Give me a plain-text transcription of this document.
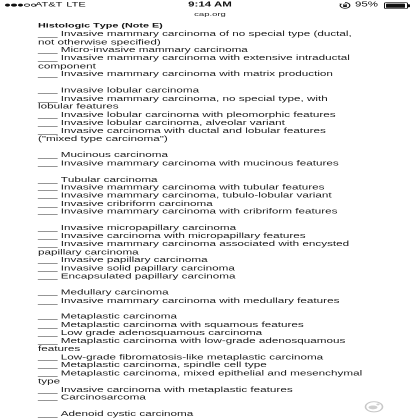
AT&T LTE	9:14 AM
cap.org
95%
Histologic Type (Note E)

___ Invasive mammary carcinoma of no special type (ductal,
not otherwise specified)

___ Micro-invasive mammary carcinoma

___ Invasive mammary carcinoma with extensive intraductal
component

___ Invasive mammary carcinoma with matrix production

___ Invasive lobular carcinoma

___ Invasive mammary carcinoma, no special type, with
lobular features

___ Invasive lobular carcinoma with pleomorphic features

___ Invasive lobular carcinoma, alveolar variant

___ Invasive carcinoma with ductal and lobular features
("mixed type carcinoma")

___ Mucinous carcinoma

___ Invasive mammary carcinoma with mucinous features

___ Tubular carcinoma

___ Invasive mammary carcinoma with tubular features

___ Invasive mammary carcinoma, tubulo-lobular variant

___ Invasive cribriform carcinoma

___ Invasive mammary carcinoma with cribriform features

___ Invasive micropapillary carcinoma

___ Invasive carcinoma with micropapillary features

___ Invasive mammary carcinoma associated with encysted
papillary carcinoma

___ Invasive papillary carcinoma

___ Invasive solid papillary carcinoma

___ Encapsulated papillary carcinoma

___ Medullary carcinoma

___ Invasive mammary carcinoma with medullary features

___ Metaplastic carcinoma

___ Metaplastic carcinoma with squamous features

___ Low grade adenosquamous carcinoma

___ Metaplastic carcinoma with low-grade adenosquamous
features

___ Low-grade fibromatosis-like metaplastic carcinoma

___ Metaplastic carcinoma, spindle cell type

___ Metaplastic carcinoma, mixed epithelial and mesenchymal
type

___ Invasive carcinoma with metaplastic features

___ Carcinosarcoma

___ Adenoid cystic carcinoma
